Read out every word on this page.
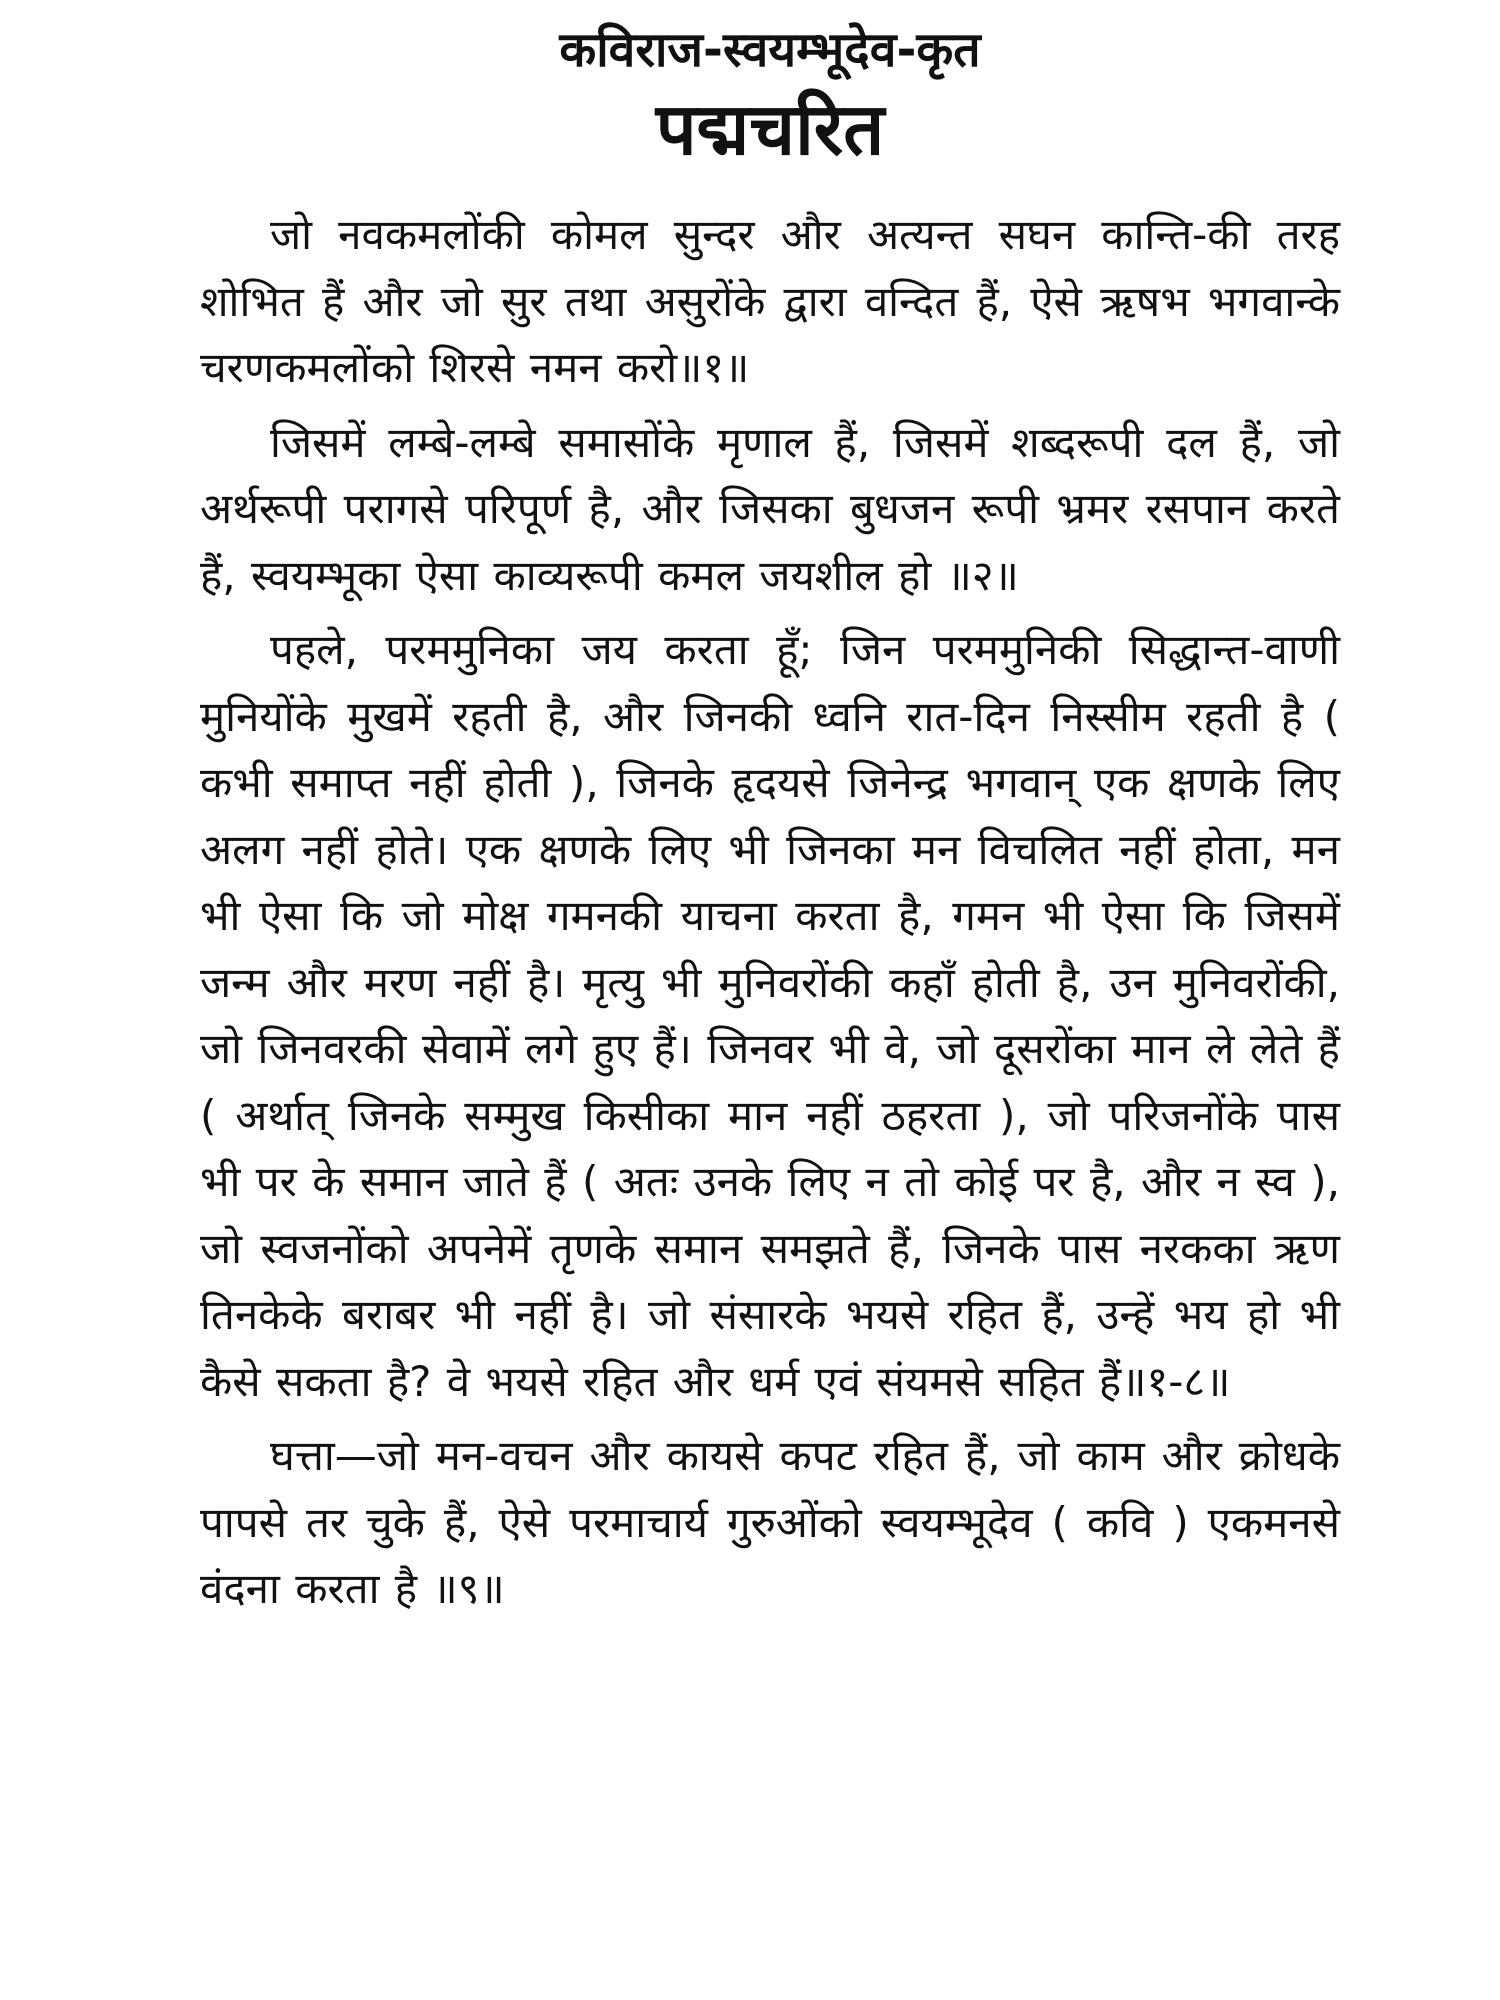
कविराज-स्वयम्भूदेव-कृत
पद्मचरित

जो नवकमलोंकी कोमल सुन्दर और अत्यन्त सघन कान्ति-की तरह शोभित हैं और जो सुर तथा असुरोंके द्वारा वन्दित हैं, ऐसे ऋषभ भगवान्के चरणकमलोंको शिरसे नमन करो॥१॥

जिसमें लम्बे-लम्बे समासोंके मृणाल हैं, जिसमें शब्दरूपी दल हैं, जो अर्थरूपी परागसे परिपूर्ण है, और जिसका बुधजन रूपी भ्रमर रसपान करते हैं, स्वयम्भूका ऐसा काव्यरूपी कमल जयशील हो ॥२॥

पहले, परममुनिका जय करता हूँ; जिन परममुनिकी सिद्धान्त-वाणी मुनियोंके मुखमें रहती है, और जिनकी ध्वनि रात-दिन निस्सीम रहती है ( कभी समाप्त नहीं होती ), जिनके हृदयसे जिनेन्द्र भगवान् एक क्षणके लिए अलग नहीं होते। एक क्षणके लिए भी जिनका मन विचलित नहीं होता, मन भी ऐसा कि जो मोक्ष गमनकी याचना करता है, गमन भी ऐसा कि जिसमें जन्म और मरण नहीं है। मृत्यु भी मुनिवरोंकी कहाँ होती है, उन मुनिवरोंकी, जो जिनवरकी सेवामें लगे हुए हैं। जिनवर भी वे, जो दूसरोंका मान ले लेते हैं ( अर्थात् जिनके सम्मुख किसीका मान नहीं ठहरता ), जो परिजनोंके पास भी पर के समान जाते हैं ( अतः उनके लिए न तो कोई पर है, और न स्व ), जो स्वजनोंको अपनेमें तृणके समान समझते हैं, जिनके पास नरकका ऋण तिनकेके बराबर भी नहीं है। जो संसारके भयसे रहित हैं, उन्हें भय हो भी कैसे सकता है? वे भयसे रहित और धर्म एवं संयमसे सहित हैं॥१-८॥

घत्ता—जो मन-वचन और कायसे कपट रहित हैं, जो काम और क्रोधके पापसे तर चुके हैं, ऐसे परमाचार्य गुरुओंको स्वयम्भूदेव ( कवि ) एकमनसे वंदना करता है ॥९॥
